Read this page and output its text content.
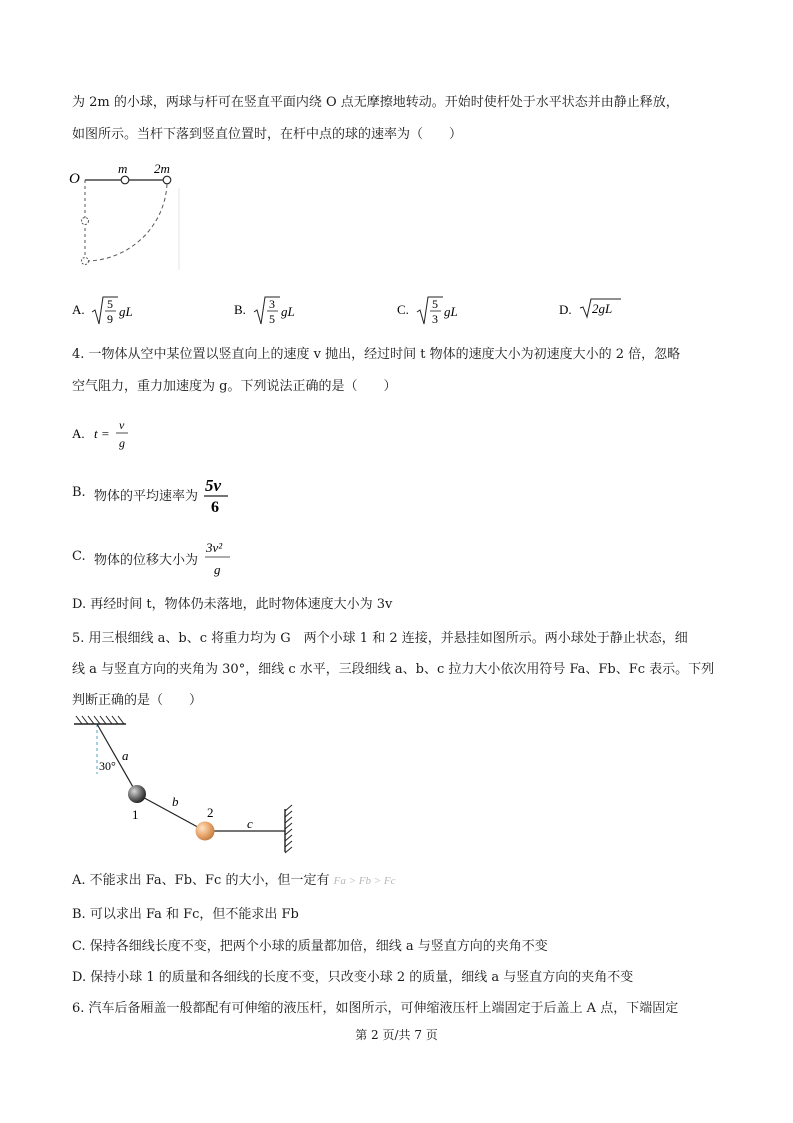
为 2m 的小球，两球与杆可在竖直平面内绕 O 点无摩擦地转动。开始时使杆处于水平状态并由静止释放，
如图所示。当杆下落到竖直位置时，在杆中点的球的速率为（　　）
O
m 2m
A. 5
9 gL	B. 3
5 gL	C. 5
3 gL	D. 2gL
4. 一物体从空中某位置以竖直向上的速度 v 抛出，经过时间 t 物体的速度大小为初速度大小的 2 倍，忽略
空气阻力，重力加速度为 g。下列说法正确的是（　　）
A. t =
v
g
B. 物体的平均速率为
5v
6
C. 物体的位移大小为
3v²
g
D. 再经时间 t，物体仍未落地，此时物体速度大小为 3v
5. 用三根细线 a、b、c 将重力均为 G　两个小球 1 和 2 连接，并悬挂如图所示。两小球处于静止状态，细
线 a 与竖直方向的夹角为 30°，细线 c 水平，三段细线 a、b、c 拉力大小依次用符号 Fa、Fb、Fc 表示。下列
判断正确的是（　　）
30°
a
b
c
1	2
A. 不能求出 Fa、Fb、Fc 的大小，但一定有 Fa > Fb > Fc
B. 可以求出 Fa 和 Fc，但不能求出 Fb
C. 保持各细线长度不变，把两个小球的质量都加倍，细线 a 与竖直方向的夹角不变
D. 保持小球 1 的质量和各细线的长度不变，只改变小球 2 的质量，细线 a 与竖直方向的夹角不变
6. 汽车后备厢盖一般都配有可伸缩的液压杆，如图所示，可伸缩液压杆上端固定于后盖上 A 点，下端固定
第 2 页/共 7 页
